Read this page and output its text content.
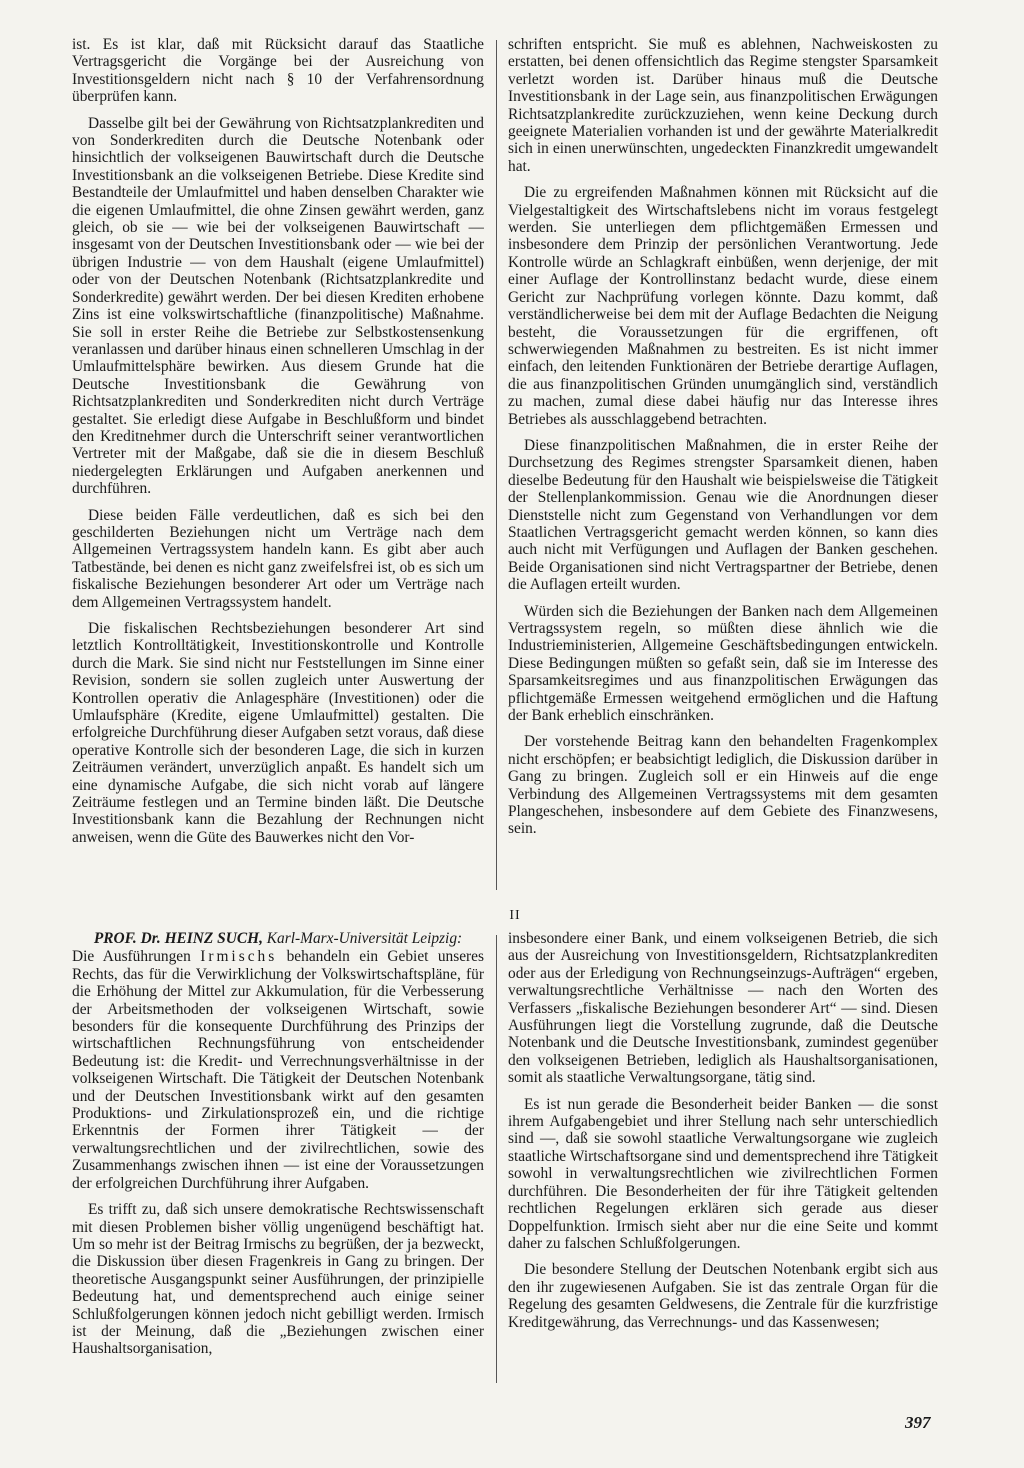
ist. Es ist klar, daß mit Rücksicht darauf das Staatliche Vertragsgericht die Vorgänge bei der Ausreichung von Investitionsgeldern nicht nach § 10 der Verfahrensordnung überprüfen kann.

Dasselbe gilt bei der Gewährung von Richtsatzplankrediten und von Sonderkrediten durch die Deutsche Notenbank oder hinsichtlich der volkseigenen Bauwirtschaft durch die Deutsche Investitionsbank an die volkseigenen Betriebe. Diese Kredite sind Bestandteile der Umlaufmittel und haben denselben Charakter wie die eigenen Umlaufmittel, die ohne Zinsen gewährt werden, ganz gleich, ob sie — wie bei der volkseigenen Bauwirtschaft — insgesamt von der Deutschen Investitionsbank oder — wie bei der übrigen Industrie — von dem Haushalt (eigene Umlaufmittel) oder von der Deutschen Notenbank (Richtsatzplankredite und Sonderkredite) gewährt werden. Der bei diesen Krediten erhobene Zins ist eine volkswirtschaftliche (finanzpolitische) Maßnahme. Sie soll in erster Reihe die Betriebe zur Selbstkostensenkung veranlassen und darüber hinaus einen schnelleren Umschlag in der Umlaufmittelsphäre bewirken. Aus diesem Grunde hat die Deutsche Investitionsbank die Gewährung von Richtsatzplankrediten und Sonderkrediten nicht durch Verträge gestaltet. Sie erledigt diese Aufgabe in Beschlußform und bindet den Kreditnehmer durch die Unterschrift seiner verantwortlichen Vertreter mit der Maßgabe, daß sie die in diesem Beschluß niedergelegten Erklärungen und Aufgaben anerkennen und durchführen.

Diese beiden Fälle verdeutlichen, daß es sich bei den geschilderten Beziehungen nicht um Verträge nach dem Allgemeinen Vertragssystem handeln kann. Es gibt aber auch Tatbestände, bei denen es nicht ganz zweifelsfrei ist, ob es sich um fiskalische Beziehungen besonderer Art oder um Verträge nach dem Allgemeinen Vertragssystem handelt.

Die fiskalischen Rechtsbeziehungen besonderer Art sind letztlich Kontrolltätigkeit, Investitionskontrolle und Kontrolle durch die Mark. Sie sind nicht nur Feststellungen im Sinne einer Revision, sondern sie sollen zugleich unter Auswertung der Kontrollen operativ die Anlagesphäre (Investitionen) oder die Umlaufsphäre (Kredite, eigene Umlaufmittel) gestalten. Die erfolgreiche Durchführung dieser Aufgaben setzt voraus, daß diese operative Kontrolle sich der besonderen Lage, die sich in kurzen Zeiträumen verändert, unverzüglich anpaßt. Es handelt sich um eine dynamische Aufgabe, die sich nicht vorab auf längere Zeiträume festlegen und an Termine binden läßt. Die Deutsche Investitionsbank kann die Bezahlung der Rechnungen nicht anweisen, wenn die Güte des Bauwerkes nicht den Vor-

schriften entspricht. Sie muß es ablehnen, Nachweiskosten zu erstatten, bei denen offensichtlich das Regime stengster Sparsamkeit verletzt worden ist. Darüber hinaus muß die Deutsche Investitionsbank in der Lage sein, aus finanzpolitischen Erwägungen Richtsatzplankredite zurückzuziehen, wenn keine Deckung durch geeignete Materialien vorhanden ist und der gewährte Materialkredit sich in einen unerwünschten, ungedeckten Finanzkredit umgewandelt hat.

Die zu ergreifenden Maßnahmen können mit Rücksicht auf die Vielgestaltigkeit des Wirtschaftslebens nicht im voraus festgelegt werden. Sie unterliegen dem pflichtgemäßen Ermessen und insbesondere dem Prinzip der persönlichen Verantwortung. Jede Kontrolle würde an Schlagkraft einbüßen, wenn derjenige, der mit einer Auflage der Kontrollinstanz bedacht wurde, diese einem Gericht zur Nachprüfung vorlegen könnte. Dazu kommt, daß verständlicherweise bei dem mit der Auflage Bedachten die Neigung besteht, die Voraussetzungen für die ergriffenen, oft schwerwiegenden Maßnahmen zu bestreiten. Es ist nicht immer einfach, den leitenden Funktionären der Betriebe derartige Auflagen, die aus finanzpolitischen Gründen unumgänglich sind, verständlich zu machen, zumal diese dabei häufig nur das Interesse ihres Betriebes als ausschlaggebend betrachten.

Diese finanzpolitischen Maßnahmen, die in erster Reihe der Durchsetzung des Regimes strengster Sparsamkeit dienen, haben dieselbe Bedeutung für den Haushalt wie beispielsweise die Tätigkeit der Stellenplankommission. Genau wie die Anordnungen dieser Dienststelle nicht zum Gegenstand von Verhandlungen vor dem Staatlichen Vertragsgericht gemacht werden können, so kann dies auch nicht mit Verfügungen und Auflagen der Banken geschehen. Beide Organisationen sind nicht Vertragspartner der Betriebe, denen die Auflagen erteilt wurden.

Würden sich die Beziehungen der Banken nach dem Allgemeinen Vertragssystem regeln, so müßten diese ähnlich wie die Industrieministerien, Allgemeine Geschäftsbedingungen entwickeln. Diese Bedingungen müßten so gefaßt sein, daß sie im Interesse des Sparsamkeitsregimes und aus finanzpolitischen Erwägungen das pflichtgemäße Ermessen weitgehend ermöglichen und die Haftung der Bank erheblich einschränken.

Der vorstehende Beitrag kann den behandelten Fragenkomplex nicht erschöpfen; er beabsichtigt lediglich, die Diskussion darüber in Gang zu bringen. Zugleich soll er ein Hinweis auf die enge Verbindung des Allgemeinen Vertragssystems mit dem gesamten Plangeschehen, insbesondere auf dem Gebiete des Finanzwesens, sein.

II
PROF. Dr. HEINZ SUCH, Karl-Marx-Universität Leipzig:

Die Ausführungen Irmischs behandeln ein Gebiet unseres Rechts, das für die Verwirklichung der Volkswirtschaftspläne, für die Erhöhung der Mittel zur Akkumulation, für die Verbesserung der Arbeitsmethoden der volkseigenen Wirtschaft, sowie besonders für die konsequente Durchführung des Prinzips der wirtschaftlichen Rechnungsführung von entscheidender Bedeutung ist: die Kredit- und Verrechnungsverhältnisse in der volkseigenen Wirtschaft. Die Tätigkeit der Deutschen Notenbank und der Deutschen Investitionsbank wirkt auf den gesamten Produktions- und Zirkulationsprozeß ein, und die richtige Erkenntnis der Formen ihrer Tätigkeit — der verwaltungsrechtlichen und der zivilrechtlichen, sowie des Zusammenhangs zwischen ihnen — ist eine der Voraussetzungen der erfolgreichen Durchführung ihrer Aufgaben.

Es trifft zu, daß sich unsere demokratische Rechtswissenschaft mit diesen Problemen bisher völlig ungenügend beschäftigt hat. Um so mehr ist der Beitrag Irmischs zu begrüßen, der ja bezweckt, die Diskussion über diesen Fragenkreis in Gang zu bringen. Der theoretische Ausgangspunkt seiner Ausführungen, der prinzipielle Bedeutung hat, und dementsprechend auch einige seiner Schlußfolgerungen können jedoch nicht gebilligt werden. Irmisch ist der Meinung, daß die „Beziehungen zwischen einer Haushaltsorganisation,

insbesondere einer Bank, und einem volkseigenen Betrieb, die sich aus der Ausreichung von Investitionsgeldern, Richtsatzplankrediten oder aus der Erledigung von Rechnungseinzugs-Aufträgen“ ergeben, verwaltungsrechtliche Verhältnisse — nach den Worten des Verfassers „fiskalische Beziehungen besonderer Art“ — sind. Diesen Ausführungen liegt die Vorstellung zugrunde, daß die Deutsche Notenbank und die Deutsche Investitionsbank, zumindest gegenüber den volkseigenen Betrieben, lediglich als Haushaltsorganisationen, somit als staatliche Verwaltungsorgane, tätig sind.

Es ist nun gerade die Besonderheit beider Banken — die sonst ihrem Aufgabengebiet und ihrer Stellung nach sehr unterschiedlich sind —, daß sie sowohl staatliche Verwaltungsorgane wie zugleich staatliche Wirtschaftsorgane sind und dementsprechend ihre Tätigkeit sowohl in verwaltungsrechtlichen wie zivilrechtlichen Formen durchführen. Die Besonderheiten der für ihre Tätigkeit geltenden rechtlichen Regelungen erklären sich gerade aus dieser Doppelfunktion. Irmisch sieht aber nur die eine Seite und kommt daher zu falschen Schlußfolgerungen.

Die besondere Stellung der Deutschen Notenbank ergibt sich aus den ihr zugewiesenen Aufgaben. Sie ist das zentrale Organ für die Regelung des gesamten Geldwesens, die Zentrale für die kurzfristige Kreditgewährung, das Verrechnungs- und das Kassenwesen;

397
